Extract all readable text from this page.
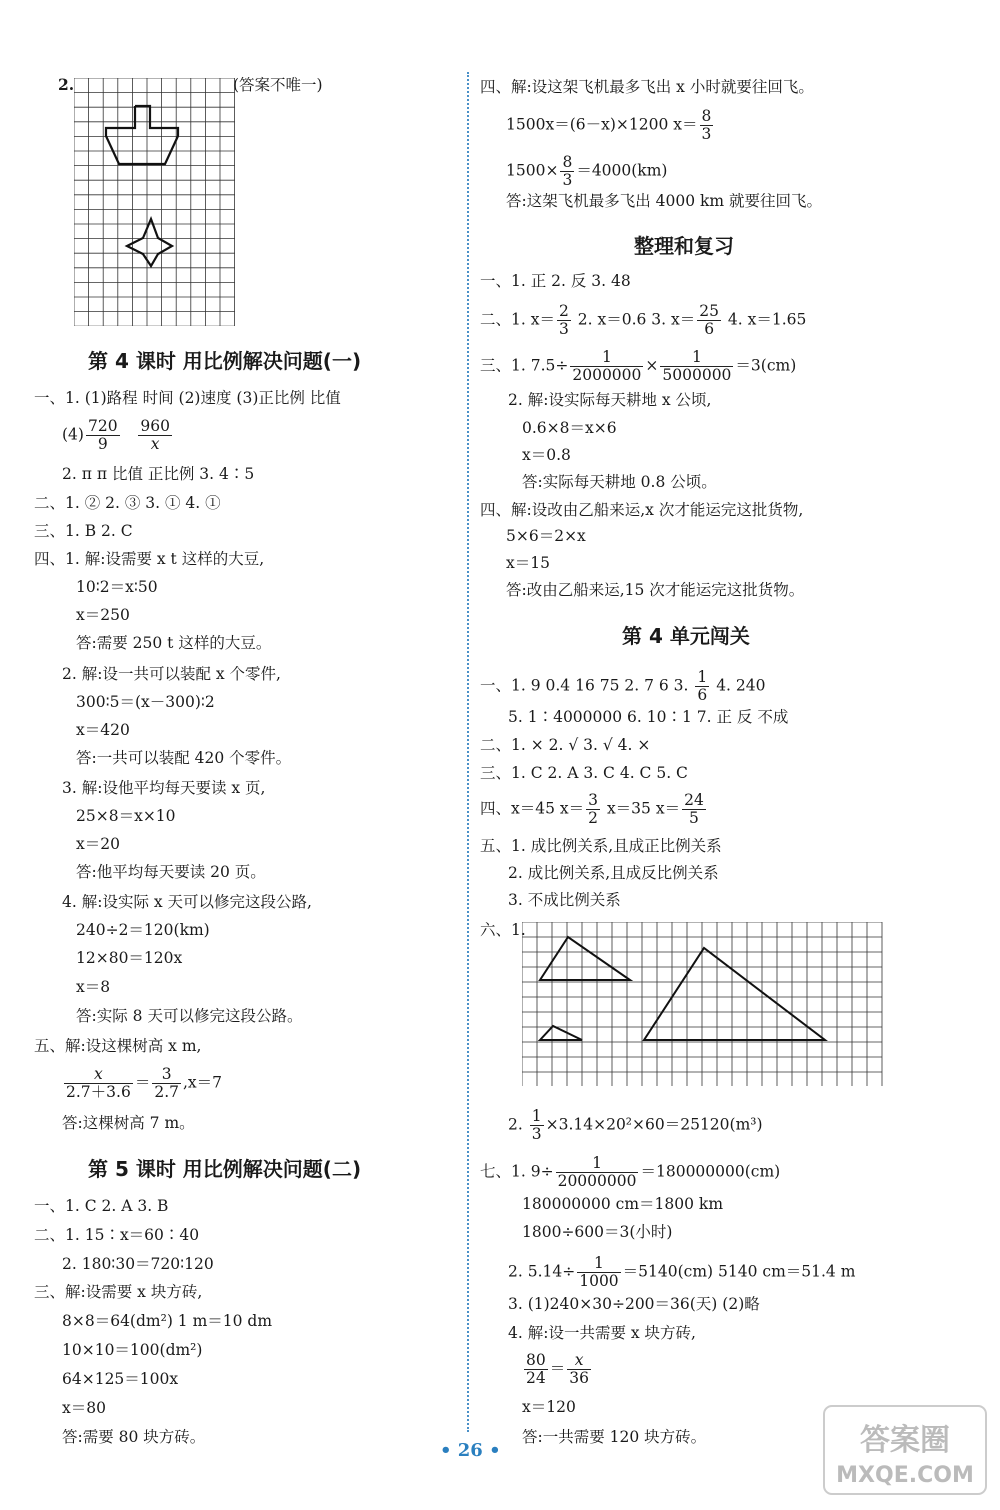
2.	(答案不唯一)
第 4 课时 用比例解决问题(一)
一、1. (1)路程 时间 (2)速度 (3)正比例 比值
$(4) \frac{720}{9}$
$\frac{960}{x}$
2. π π 比值 正比例 3. 4∶5
二、1. ② 2. ③ 3. ① 4. ①
三、1. B 2. C
四、1. 解:设需要 x t 这样的大豆,
10∶2＝x∶50
x＝250
答:需要 250 t 这样的大豆。
2. 解:设一共可以装配 x 个零件,
300∶5＝(x－300)∶2
x＝420
答:一共可以装配 420 个零件。
3. 解:设他平均每天要读 x 页,
25×8＝x×10
x＝20
答:他平均每天要读 20 页。
4. 解:设实际 x 天可以修完这段公路,
240÷2＝120(km)
12×80＝120x
x＝8
答:实际 8 天可以修完这段公路。
五、解:设这棵树高 x m,
$\frac{x}{2.7+3.6} = \frac{3}{2.7} ,x=7$
答:这棵树高 7 m。
第 5 课时 用比例解决问题(二)
一、1. C 2. A 3. B
二、1. 15∶x＝60∶40
2. 180∶30＝720∶120
三、解:设需要 x 块方砖,
8×8＝64(dm²) 1 m＝10 dm
10×10＝100(dm²)
64×125＝100x
x＝80
答:需要 80 块方砖。
四、解:设这架飞机最多飞出 x 小时就要往回飞。
1500x＝(6－x)×1200 $x= \frac{8}{3}$
$1500\times \frac{8}{3} =4000(km)$
答:这架飞机最多飞出 4000 km 就要往回飞。
整理和复习
一、1. 正 2. 反 3. 48
二、1. $x= \frac{2}{3} 2$. x＝0.6 3. $x= \frac{25}{6} 4$. x＝1.65
三、1. $7.5\div \frac{1}{2000000} \times \frac{1}{5000000} =3(cm)$
2. 解:设实际每天耕地 x 公顷,
0.6×8＝x×6
x＝0.8
答:实际每天耕地 0.8 公顷。
四、解:设改由乙船来运,x 次才能运完这批货物,
5×6＝2×x
x＝15
答:改由乙船来运,15 次才能运完这批货物。
第 4 单元闯关
一、1. 9 0.4 16 75 2. 7 6 3. $\frac{1}{6} 4$. 240
5. 1∶4000000 6. 10∶1 7. 正 反 不成
二、1. × 2. √ 3. √ 4. ×
三、1. C 2. A 3. C 4. C 5. C
四、x＝45 $x= \frac{3}{2} x=35$ $x= \frac{24}{5}$
五、1. 成比例关系,且成正比例关系
2. 成比例关系,且成反比例关系
3. 不成比例关系
六、1.
2. $\frac{1}{3} \times 3.14\times 20^2\times 60=25120(m^3)$
七、1. $9\div \frac{1}{20000000} =180000000(cm)$
180000000 cm＝1800 km
1800÷600＝3(小时)
2. $5.14\div \frac{1}{1000} =5140(cm)$ 5140 cm＝51.4 m
3. (1)240×30÷200＝36(天) (2)略
4. 解:设一共需要 x 块方砖,
$\frac{80}{24} = \frac{x}{36}$
x＝120
答:一共需要 120 块方砖。
• 26 •	答案圈
MXQE.COM
